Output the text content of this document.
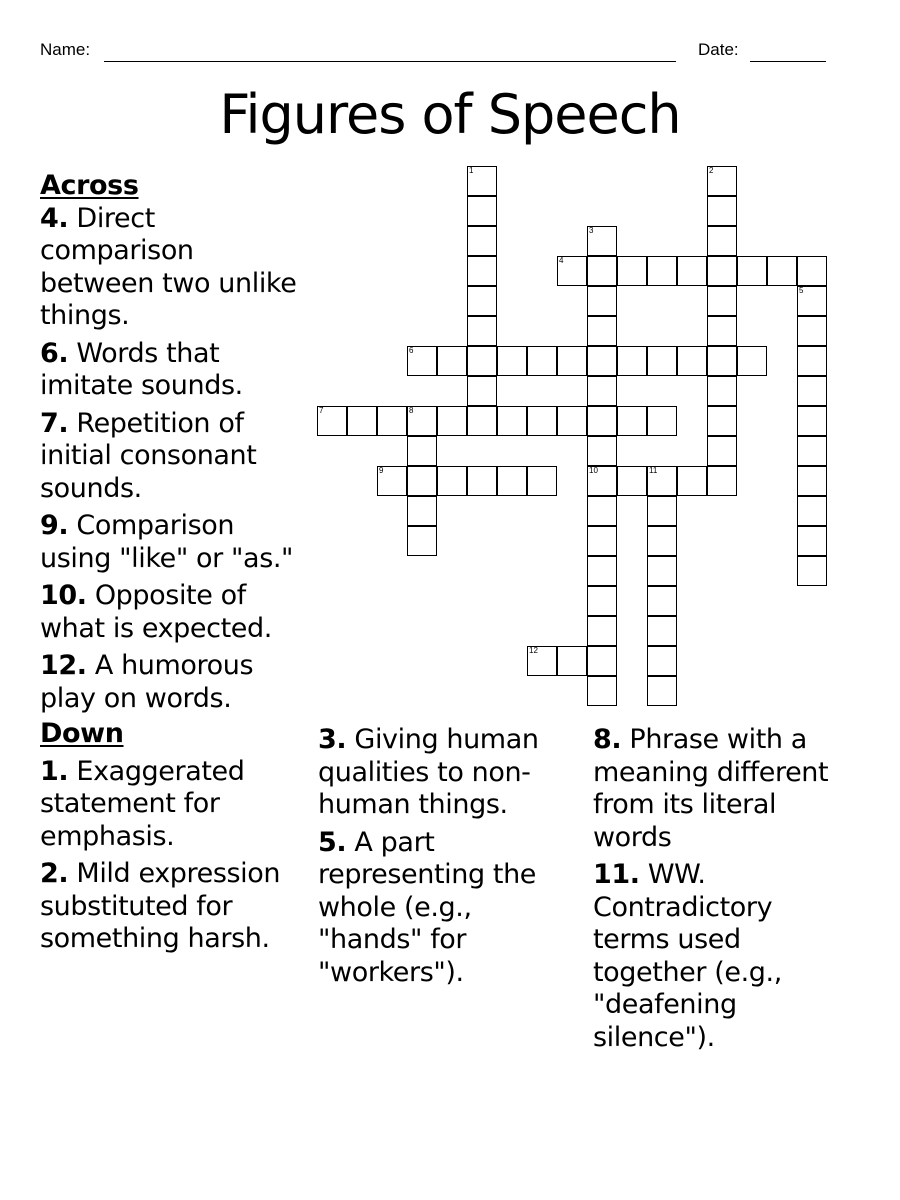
Name:	Date:
Figures of Speech
Across
4. Direct comparison between two unlike things.
6. Words that imitate sounds.
7. Repetition of initial consonant sounds.
9. Comparison using "like" or "as."
10. Opposite of what is expected.
12. A humorous play on words.
Down
1. Exaggerated statement for emphasis.
2. Mild expression substituted for something harsh.
3. Giving human qualities to non-human things.
5. A part representing the whole (e.g., "hands" for "workers").
8. Phrase with a meaning different from its literal words
11. WW. Contradictory terms used together (e.g., "deafening silence").
1	2
3
10
4
5
6
7	8
9	11
12
